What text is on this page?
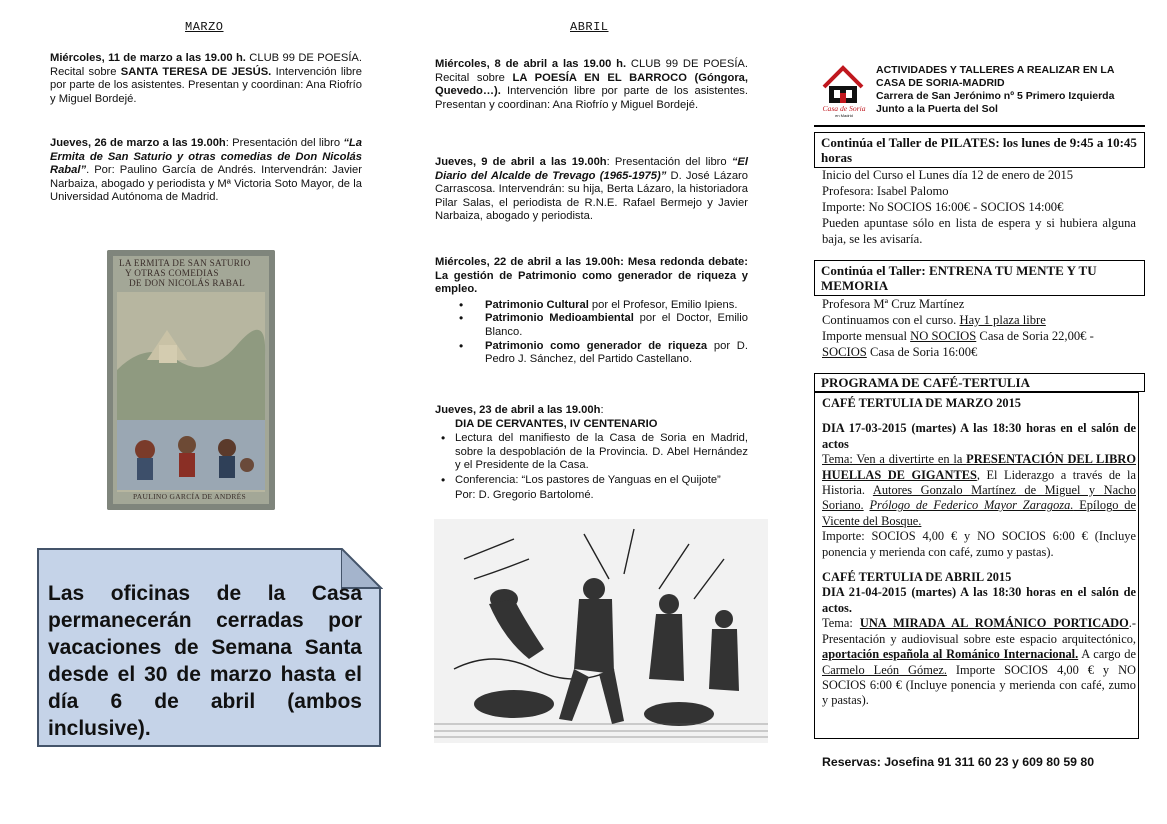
MARZO
Miércoles, 11 de marzo a las 19.00 h. CLUB 99 DE POESÍA. Recital sobre SANTA TERESA DE JESÚS. Intervención libre por parte de los asistentes. Presentan y coordinan: Ana Riofrío y Miguel Bordejé.
Jueves, 26 de marzo a las 19.00h: Presentación del libro “La Ermita de San Saturio y otras comedias de Don Nicolás Rabal”. Por: Paulino García de Andrés. Intervendrán: Javier Narbaiza, abogado y periodista y Mª Victoria Soto Mayor, de la Universidad Autónoma de Madrid.
LA ERMITA DE SAN SATURIO
Y OTRAS COMEDIAS
DE DON NICOLÁS RABAL
PAULINO GARCÍA DE ANDRÉS
Las oficinas de la Casa permanecerán cerradas por vacaciones de Semana Santa desde el 30 de marzo hasta el día 6 de abril (ambos inclusive).
ABRIL
Miércoles, 8 de abril a las 19.00 h. CLUB 99 DE POESÍA. Recital sobre LA POESÍA EN EL BARROCO (Góngora, Quevedo…). Intervención libre por parte de los asistentes. Presentan y coordinan: Ana Riofrío y Miguel Bordejé.
Jueves, 9 de abril a las 19.00h: Presentación del libro “El Diario del Alcalde de Trevago (1965-1975)” D. José Lázaro Carrascosa. Intervendrán: su hija, Berta Lázaro, la historiadora Pilar Salas, el periodista de R.N.E. Rafael Bermejo y Javier Narbaiza, abogado y periodista.
Miércoles, 22 de abril a las 19.00h: Mesa redonda debate: La gestión de Patrimonio como generador de riqueza y empleo.
• Patrimonio Cultural por el Profesor, Emilio Ipiens.
• Patrimonio Medioambiental por el Doctor, Emilio Blanco.
• Patrimonio como generador de riqueza por D. Pedro J. Sánchez, del Partido Castellano.
Jueves, 23 de abril a las 19.00h:
DIA DE CERVANTES, IV CENTENARIO
• Lectura del manifiesto de la Casa de Soria en Madrid, sobre la despoblación de la Provincia. D. Abel Hernández y el Presidente de la Casa.
• Conferencia: “Los pastores de Yanguas en el Quijote”
Por: D. Gregorio Bartolomé.
Casa de Soria
en Madrid
ACTIVIDADES Y TALLERES A REALIZAR EN LA
CASA DE SORIA-MADRID
Carrera de San Jerónimo nº 5 Primero Izquierda
Junto a la Puerta del Sol
Continúa el Taller de PILATES: los lunes de 9:45 a 10:45 horas
Inicio del Curso el Lunes día 12 de enero de 2015
Profesora: Isabel Palomo
Importe: No SOCIOS 16:00€ - SOCIOS 14:00€
Pueden apuntase sólo en lista de espera y si hubiera alguna baja, se les avisaría.
Continúa el Taller: ENTRENA TU MENTE Y TU MEMORIA
Profesora Mª Cruz Martínez
Continuamos con el curso. Hay 1 plaza libre
Importe mensual NO SOCIOS Casa de Soria 22,00€ -
SOCIOS Casa de Soria 16:00€
PROGRAMA DE CAFÉ-TERTULIA
CAFÉ TERTULIA DE MARZO 2015
DIA 17-03-2015 (martes) A las 18:30 horas en el salón de actos
Tema: Ven a divertirte en la PRESENTACIÓN DEL LIBRO HUELLAS DE GIGANTES, El Liderazgo a través de la Historia. Autores Gonzalo Martínez de Miguel y Nacho Soriano. Prólogo de Federico Mayor Zaragoza. Epílogo de Vicente del Bosque.
Importe: SOCIOS 4,00 € y NO SOCIOS 6:00 € (Incluye ponencia y merienda con café, zumo y pastas).
CAFÉ TERTULIA DE ABRIL 2015
DIA 21-04-2015 (martes) A las 18:30 horas en el salón de actos.
Tema: UNA MIRADA AL ROMÁNICO PORTICADO.- Presentación y audiovisual sobre este espacio arquitectónico, aportación española al Románico Internacional. A cargo de Carmelo León Gómez. Importe SOCIOS 4,00 € y NO SOCIOS 6:00 € (Incluye ponencia y merienda con café, zumo y pastas).
Reservas: Josefina 91 311 60 23 y 609 80 59 80
